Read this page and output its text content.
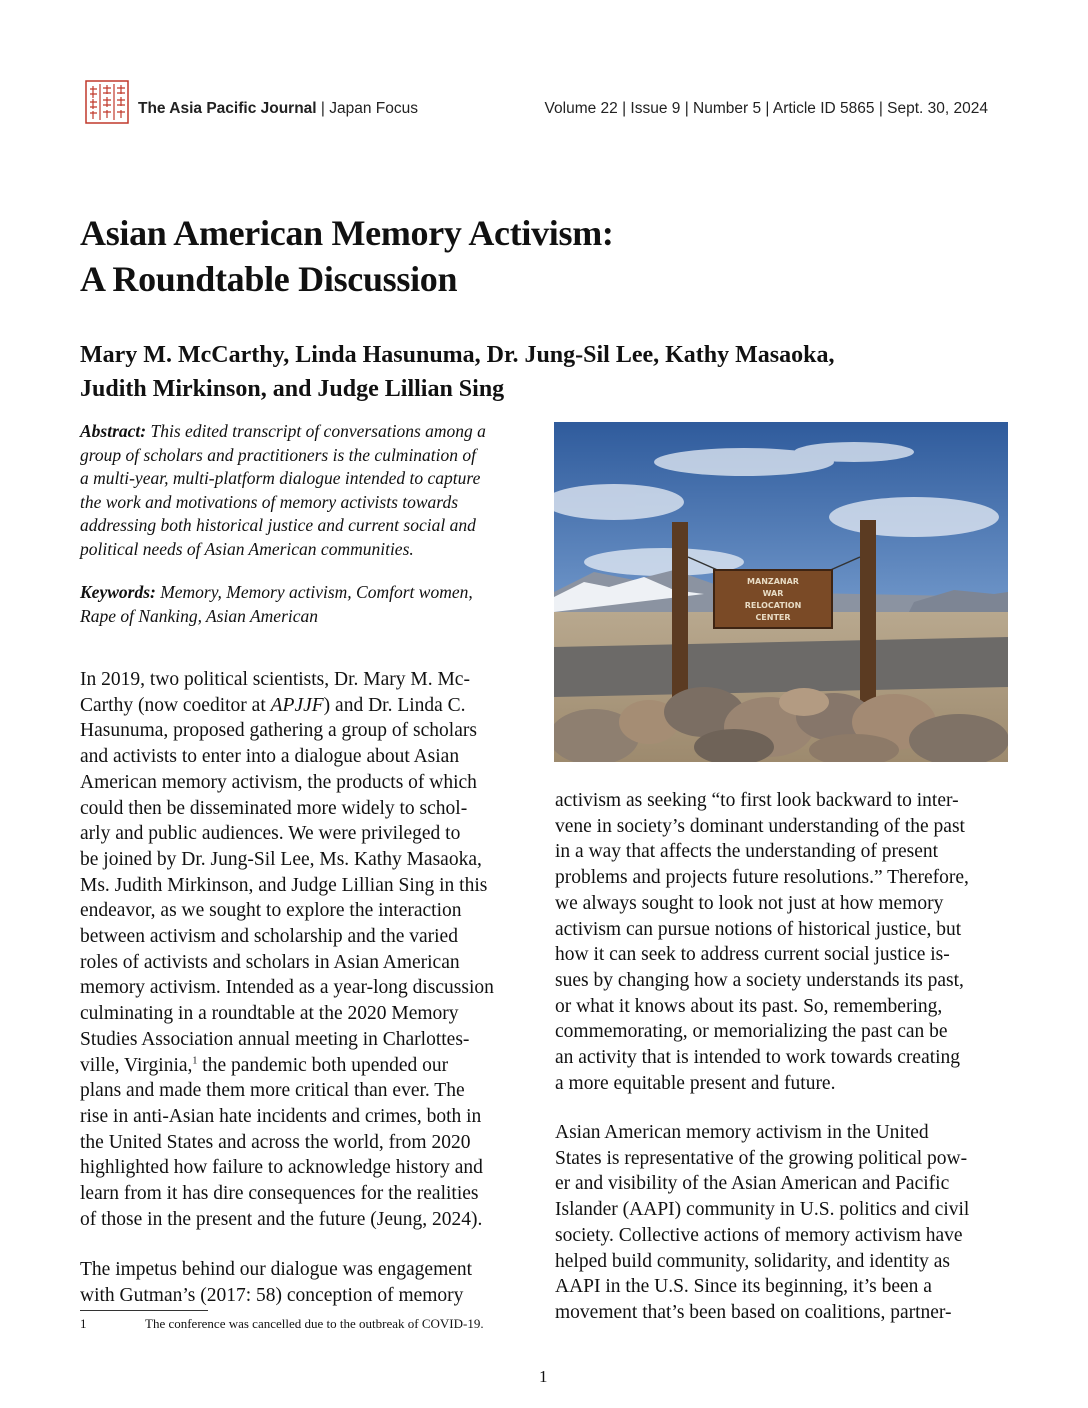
The Asia Pacific Journal | Japan Focus	Volume 22 | Issue 9 | Number 5 | Article ID 5865 | Sept. 30, 2024
Asian American Memory Activism:
A Roundtable Discussion
Mary M. McCarthy, Linda Hasunuma, Dr. Jung-Sil Lee, Kathy Masaoka,
Judith Mirkinson, and Judge Lillian Sing
Abstract: This edited transcript of conversations among a
group of scholars and practitioners is the culmination of
a multi-year, multi-platform dialogue intended to capture
the work and motivations of memory activists towards
addressing both historical justice and current social and
political needs of Asian American communities.
Keywords: Memory, Memory activism, Comfort women,
Rape of Nanking, Asian American
In 2019, two political scientists, Dr. Mary M. Mc-
Carthy (now coeditor at APJJF) and Dr. Linda C.
Hasunuma, proposed gathering a group of scholars
and activists to enter into a dialogue about Asian
American memory activism, the products of which
could then be disseminated more widely to schol-
arly and public audiences. We were privileged to
be joined by Dr. Jung-Sil Lee, Ms. Kathy Masaoka,
Ms. Judith Mirkinson, and Judge Lillian Sing in this
endeavor, as we sought to explore the interaction
between activism and scholarship and the varied
roles of activists and scholars in Asian American
memory activism. Intended as a year-long discussion
culminating in a roundtable at the 2020 Memory
Studies Association annual meeting in Charlottes-
ville, Virginia,$^1$ the pandemic both upended our
plans and made them more critical than ever. The
rise in anti-Asian hate incidents and crimes, both in
the United States and across the world, from 2020
highlighted how failure to acknowledge history and
learn from it has dire consequences for the realities
of those in the present and the future (Jeung, 2024).
The impetus behind our dialogue was engagement
with Gutman’s (2017: 58) conception of memory
activism as seeking “to first look backward to inter-
vene in society’s dominant understanding of the past
in a way that affects the understanding of present
problems and projects future resolutions.” Therefore,
we always sought to look not just at how memory
activism can pursue notions of historical justice, but
how it can seek to address current social justice is-
sues by changing how a society understands its past,
or what it knows about its past. So, remembering,
commemorating, or memorializing the past can be
an activity that is intended to work towards creating
a more equitable present and future.
Asian American memory activism in the United
States is representative of the growing political pow-
er and visibility of the Asian American and Pacific
Islander (AAPI) community in U.S. politics and civil
society. Collective actions of memory activism have
helped build community, solidarity, and identity as
AAPI in the U.S. Since its beginning, it’s been a
movement that’s been based on coalitions, partner-
MANZANAR
WAR
RELOCATION
CENTER
1	The conference was cancelled due to the outbreak of COVID-19.
1
